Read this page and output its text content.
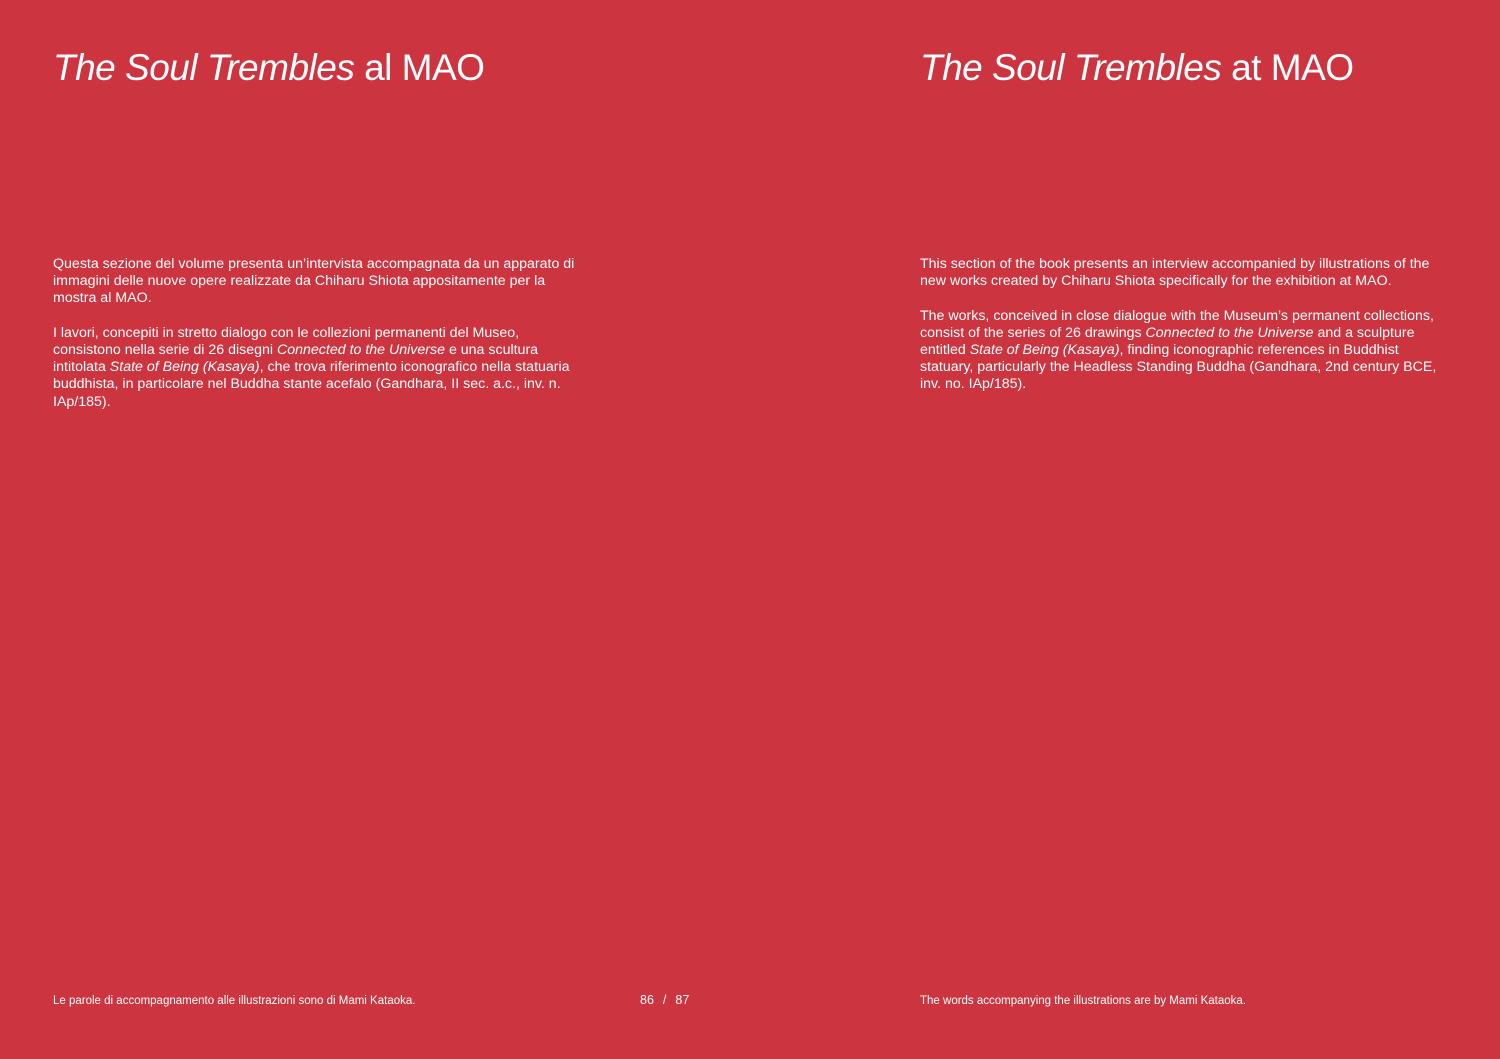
The Soul Trembles al MAO

Questa sezione del volume presenta un’intervista accompagnata da un apparato di immagini delle nuove opere realizzate da Chiharu Shiota appositamente per la mostra al MAO.

I lavori, concepiti in stretto dialogo con le collezioni permanenti del Museo, consistono nella serie di 26 disegni Connected to the Universe e una scultura intitolata State of Being (Kasaya), che trova riferimento iconografico nella statuaria buddhista, in particolare nel Buddha stante acefalo (Gandhara, II sec. a.c., inv. n. IAp/185).

Le parole di accompagnamento alle illustrazioni sono di Mami Kataoka.	86 / 87
The Soul Trembles at MAO

This section of the book presents an interview accompanied by illustrations of the new works created by Chiharu Shiota specifically for the exhibition at MAO.

The works, conceived in close dialogue with the Museum’s permanent collections, consist of the series of 26 drawings Connected to the Universe and a sculpture entitled State of Being (Kasaya), finding iconographic references in Buddhist statuary, particularly the Headless Standing Buddha (Gandhara, 2nd century BCE, inv. no. IAp/185).

The words accompanying the illustrations are by Mami Kataoka.
